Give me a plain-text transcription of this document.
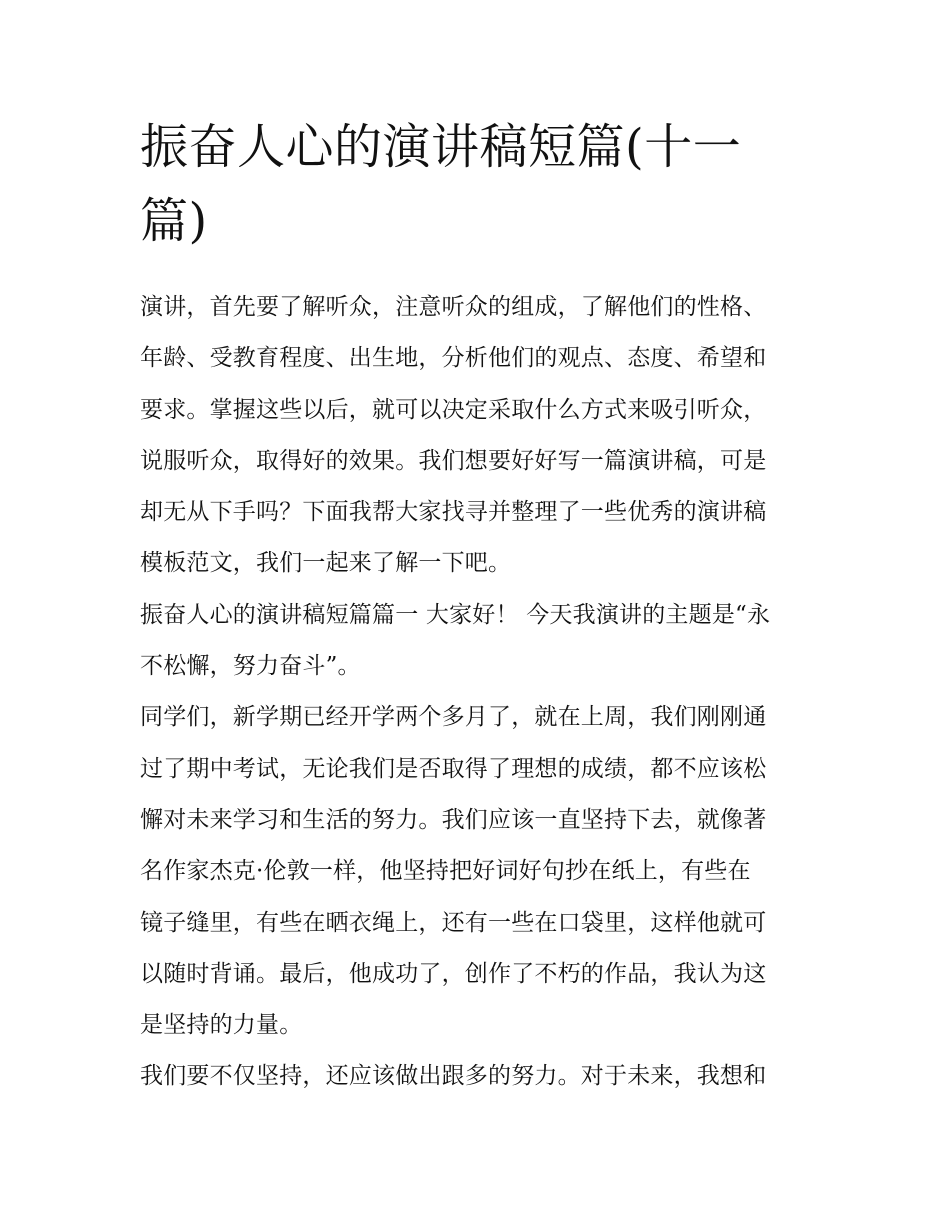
振奋人心的演讲稿短篇(十一
篇)
演讲，首先要了解听众，注意听众的组成，了解他们的性格、
年龄、受教育程度、出生地，分析他们的观点、态度、希望和
要求。掌握这些以后，就可以决定采取什么方式来吸引听众，
说服听众，取得好的效果。我们想要好好写一篇演讲稿，可是
却无从下手吗？下面我帮大家找寻并整理了一些优秀的演讲稿
模板范文，我们一起来了解一下吧。
振奋人心的演讲稿短篇篇一 大家好！ 今天我演讲的主题是“永
不松懈，努力奋斗”。
同学们，新学期已经开学两个多月了，就在上周，我们刚刚通
过了期中考试，无论我们是否取得了理想的成绩，都不应该松
懈对未来学习和生活的努力。我们应该一直坚持下去，就像著
名作家杰克·伦敦一样，他坚持把好词好句抄在纸上，有些在
镜子缝里，有些在晒衣绳上，还有一些在口袋里，这样他就可
以随时背诵。最后，他成功了，创作了不朽的作品，我认为这
是坚持的力量。
我们要不仅坚持，还应该做出跟多的努力。对于未来，我想和
